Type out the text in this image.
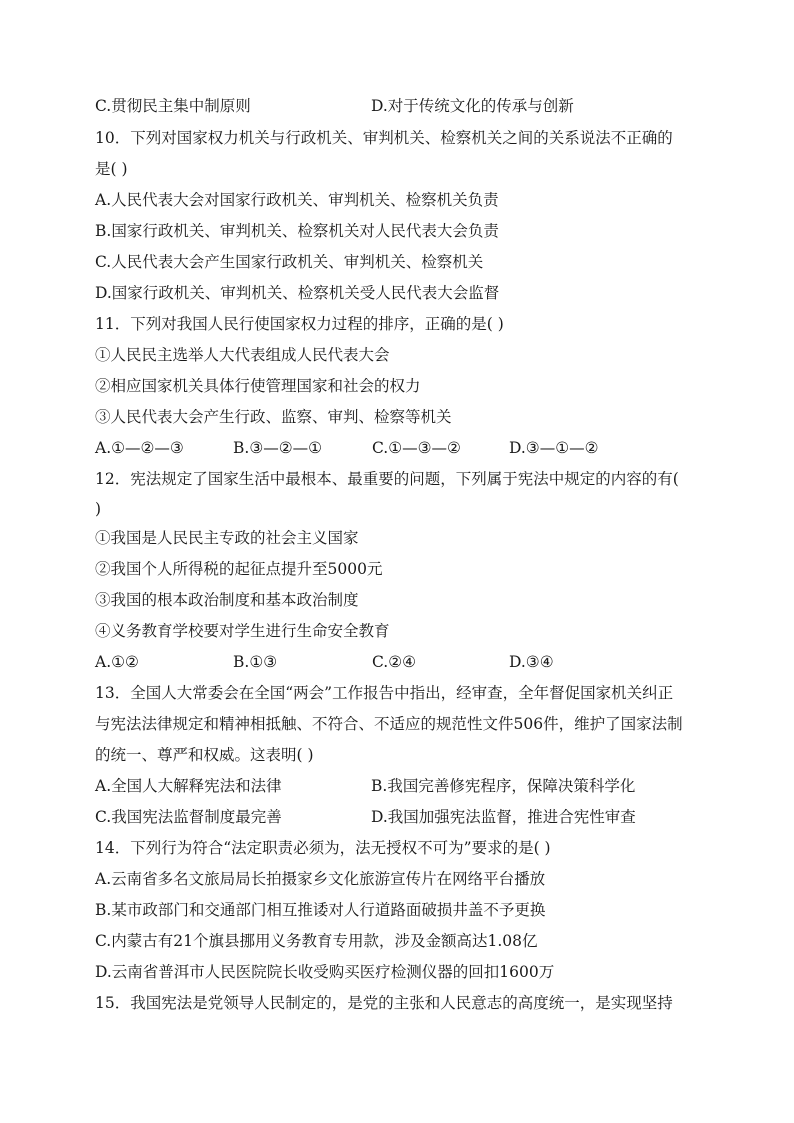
C.贯彻民主集中制原则	D.对于传统文化的传承与创新
10．下列对国家权力机关与行政机关、审判机关、检察机关之间的关系说法不正确的
是( )
A.人民代表大会对国家行政机关、审判机关、检察机关负责
B.国家行政机关、审判机关、检察机关对人民代表大会负责
C.人民代表大会产生国家行政机关、审判机关、检察机关
D.国家行政机关、审判机关、检察机关受人民代表大会监督
11．下列对我国人民行使国家权力过程的排序，正确的是( )
①人民民主选举人大代表组成人民代表大会
②相应国家机关具体行使管理国家和社会的权力
③人民代表大会产生行政、监察、审判、检察等机关
A.①—②—③	B.③—②—①	C.①—③—②	D.③—①—②
12．宪法规定了国家生活中最根本、最重要的问题，下列属于宪法中规定的内容的有(
)
①我国是人民民主专政的社会主义国家
②我国个人所得税的起征点提升至5000元
③我国的根本政治制度和基本政治制度
④义务教育学校要对学生进行生命安全教育
A.①②	B.①③	C.②④	D.③④
13．全国人大常委会在全国“两会”工作报告中指出，经审查，全年督促国家机关纠正
与宪法法律规定和精神相抵触、不符合、不适应的规范性文件506件，维护了国家法制
的统一、尊严和权威。这表明( )
A.全国人大解释宪法和法律	B.我国完善修宪程序，保障决策科学化
C.我国宪法监督制度最完善	D.我国加强宪法监督，推进合宪性审查
14．下列行为符合“法定职责必须为，法无授权不可为”要求的是( )
A.云南省多名文旅局局长拍摄家乡文化旅游宣传片在网络平台播放
B.某市政部门和交通部门相互推诿对人行道路面破损井盖不予更换
C.内蒙古有21个旗县挪用义务教育专用款，涉及金额高达1.08亿
D.云南省普洱市人民医院院长收受购买医疗检测仪器的回扣1600万
15．我国宪法是党领导人民制定的，是党的主张和人民意志的高度统一，是实现坚持
